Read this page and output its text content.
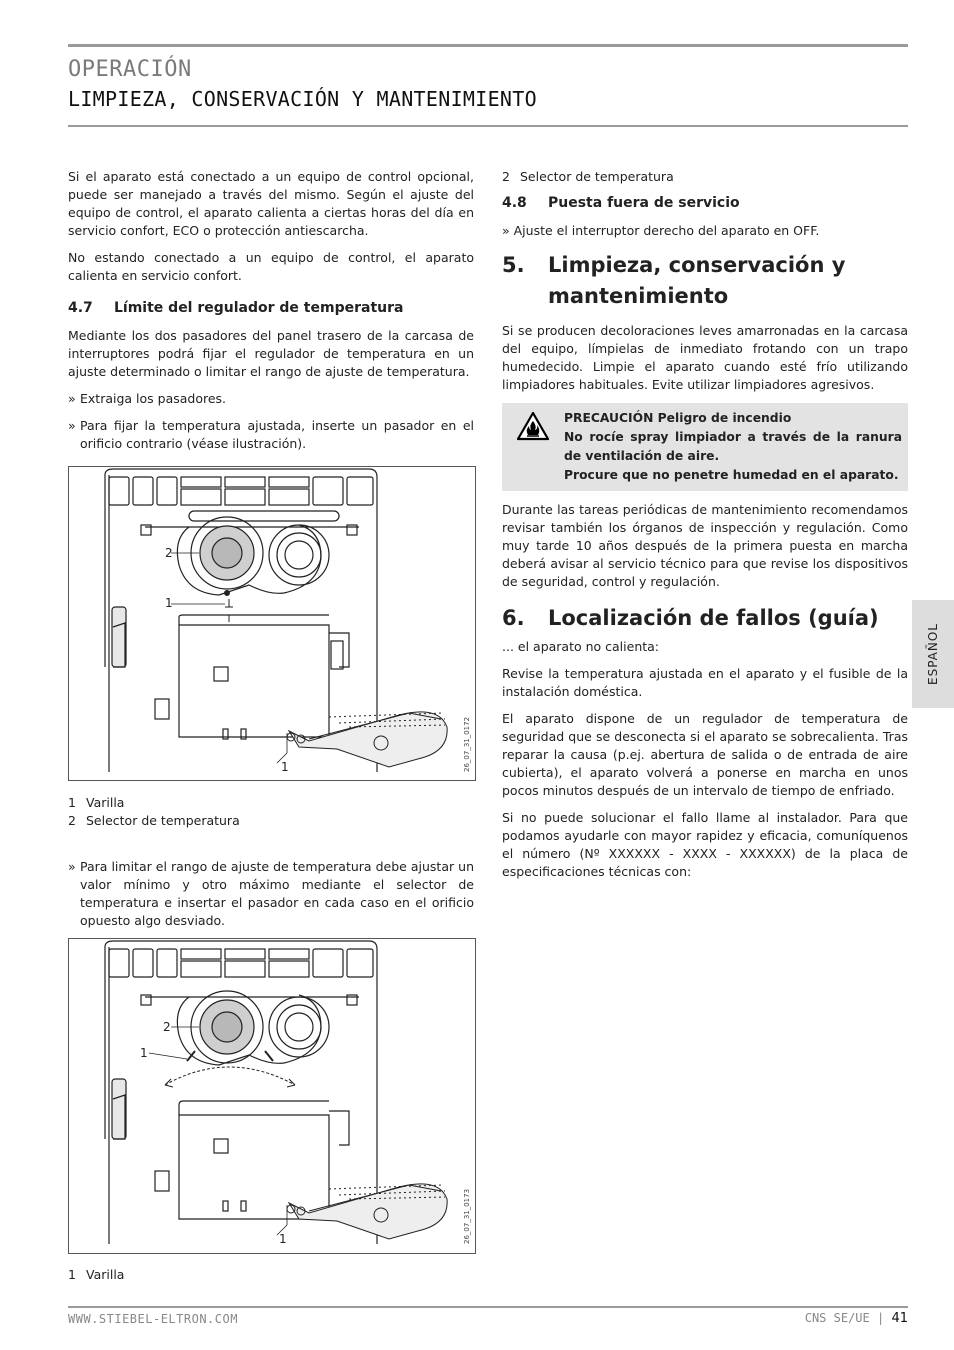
OPERACIÓN
LIMPIEZA, CONSERVACIÓN Y MANTENIMIENTO

Si el aparato está conectado a un equipo de control opcional, puede ser manejado a través del mismo. Según el ajuste del equipo de control, el aparato calienta a ciertas horas del día en servicio confort, ECO o protección antiescarcha.

No estando conectado a un equipo de control, el aparato calienta en servicio confort.

4.7 Límite del regulador de temperatura

Mediante los dos pasadores del panel trasero de la carcasa de interruptores podrá fijar el regulador de temperatura en un ajuste determinado o limitar el rango de ajuste de temperatura.

» Extraiga los pasadores.
» Para fijar la temperatura ajustada, inserte un pasador en el orificio contrario (véase ilustración).
2
1
1	26_07_31_0172
1 Varilla
2 Selector de temperatura
» Para limitar el rango de ajuste de temperatura debe ajustar un valor mínimo y otro máximo mediante el selector de temperatura e insertar el pasador en cada caso en el orificio opuesto algo desviado.
2
1
1	26_07_31_0173
1 Varilla
2 Selector de temperatura
4.8 Puesta fuera de servicio

» Ajuste el interruptor derecho del aparato en OFF.

5.	Limpieza, conservación y mantenimiento

Si se producen decoloraciones leves amarronadas en la carcasa del equipo, límpielas de inmediato frotando con un trapo humedecido. Limpie el aparato cuando esté frío utilizando limpiadores habituales. Evite utilizar limpiadores agresivos.

PRECAUCIÓN Peligro de incendio
No rocíe spray limpiador a través de la ranura de ventilación de aire.
Procure que no penetre humedad en el aparato.

Durante las tareas periódicas de mantenimiento recomendamos revisar también los órganos de inspección y regulación. Como muy tarde 10 años después de la primera puesta en marcha deberá avisar al servicio técnico para que revise los dispositivos de seguridad, control y regulación.

6.	Localización de fallos (guía)

... el aparato no calienta:

Revise la temperatura ajustada en el aparato y el fusible de la instalación doméstica.

El aparato dispone de un regulador de temperatura de seguridad que se desconecta si el aparato se sobrecalienta. Tras reparar la causa (p.ej. abertura de salida o de entrada de aire cubierta), el aparato volverá a ponerse en marcha en unos pocos minutos después de un intervalo de tiempo de enfriado.

Si no puede solucionar el fallo llame al instalador. Para que podamos ayudarle con mayor rapidez y eficacia, comuníquenos el número (Nº XXXXXX - XXXX - XXXXXX) de la placa de especificaciones técnicas con:

ESPAÑOL
WWW.STIEBEL-ELTRON.COM	CNS SE/UE | 41
